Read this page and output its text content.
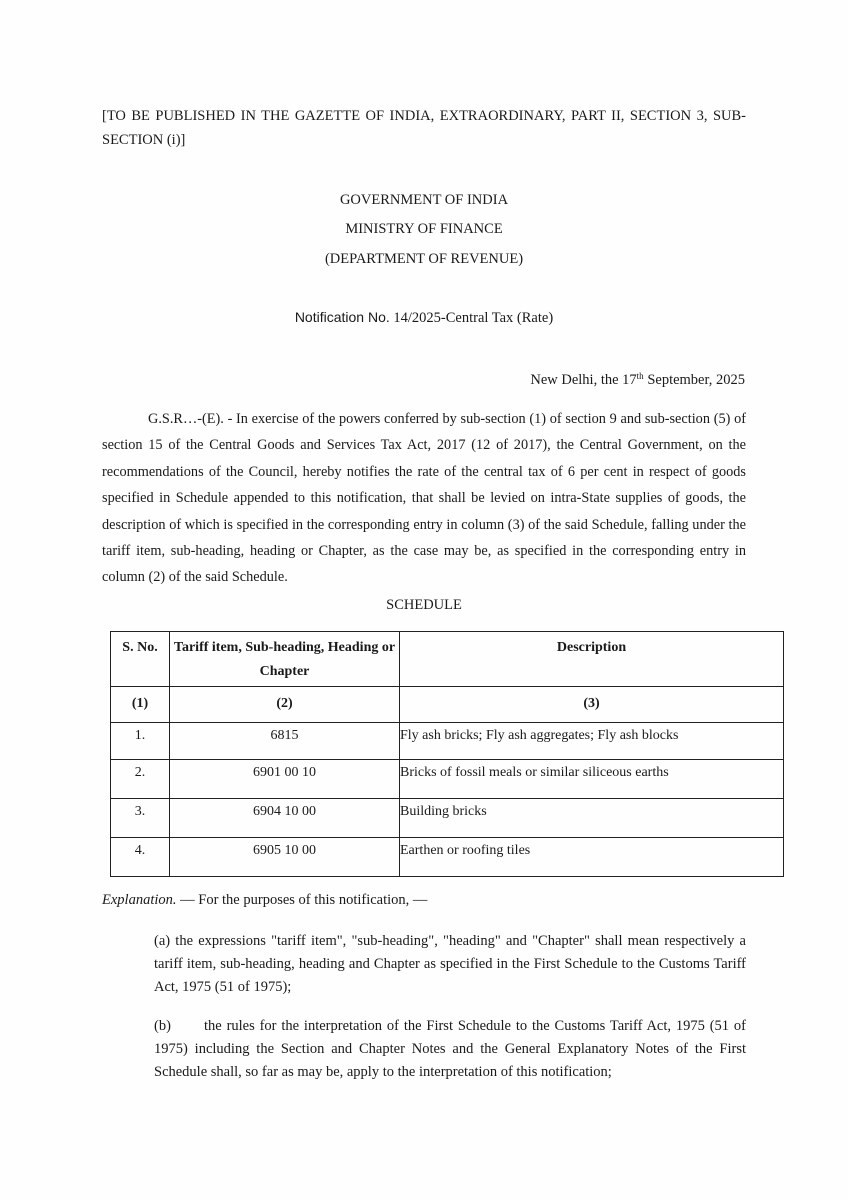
[TO BE PUBLISHED IN THE GAZETTE OF INDIA, EXTRAORDINARY, PART II, SECTION 3, SUB-SECTION (i)]
GOVERNMENT OF INDIA
MINISTRY OF FINANCE
(DEPARTMENT OF REVENUE)
Notification No. 14/2025-Central Tax (Rate)
New Delhi, the 17th September, 2025
G.S.R…-(E). - In exercise of the powers conferred by sub-section (1) of section 9 and sub-section (5) of section 15 of the Central Goods and Services Tax Act, 2017 (12 of 2017), the Central Government, on the recommendations of the Council, hereby notifies the rate of the central tax of 6 per cent in respect of goods specified in Schedule appended to this notification, that shall be levied on intra-State supplies of goods, the description of which is specified in the corresponding entry in column (3) of the said Schedule, falling under the tariff item, sub-heading, heading or Chapter, as the case may be, as specified in the corresponding entry in column (2) of the said Schedule.
SCHEDULE
S. No.	Tariff item, Sub-heading, Heading or Chapter	Description
(1)	(2)	(3)
1.	6815	Fly ash bricks; Fly ash aggregates; Fly ash blocks
2.	6901 00 10	Bricks of fossil meals or similar siliceous earths
3.	6904 10 00	Building bricks
4.	6905 10 00	Earthen or roofing tiles
Explanation. — For the purposes of this notification, —
(a) the expressions "tariff item", "sub-heading", "heading" and "Chapter" shall mean respectively a tariff item, sub-heading, heading and Chapter as specified in the First Schedule to the Customs Tariff Act, 1975 (51 of 1975);
(b) the rules for the interpretation of the First Schedule to the Customs Tariff Act, 1975 (51 of 1975) including the Section and Chapter Notes and the General Explanatory Notes of the First Schedule shall, so far as may be, apply to the interpretation of this notification;
